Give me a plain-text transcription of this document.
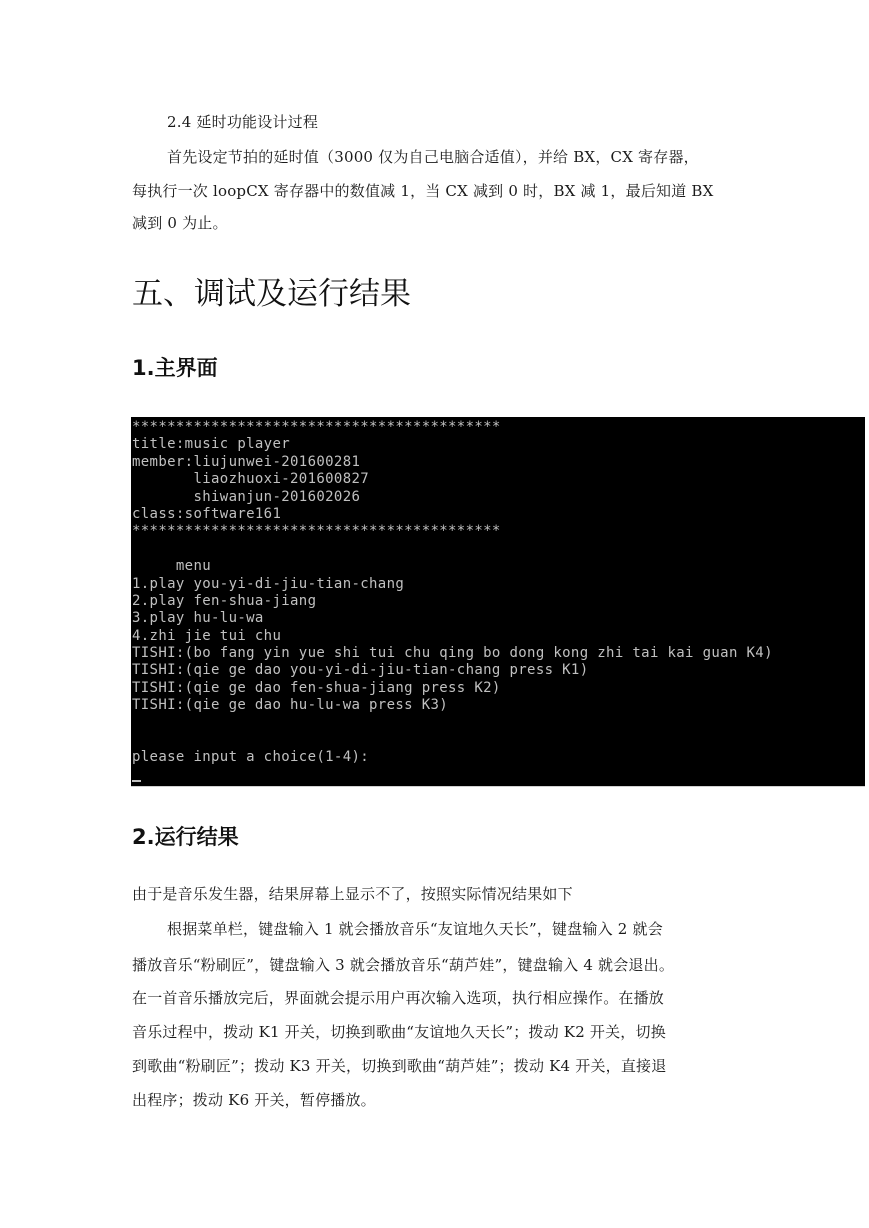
2.4 延时功能设计过程
首先设定节拍的延时值（3000 仅为自己电脑合适值），并给 BX，CX 寄存器，
每执行一次 loopCX 寄存器中的数值减 1，当 CX 减到 0 时，BX 减 1，最后知道 BX
减到 0 为止。
五、调试及运行结果
1.主界面
******************************************
title:music player
member:liujunwei-201600281
liaozhuoxi-201600827
shiwanjun-201602026
class:software161
******************************************
menu
1.play you-yi-di-jiu-tian-chang
2.play fen-shua-jiang
3.play hu-lu-wa
4.zhi jie tui chu
TISHI:(bo fang yin yue shi tui chu qing bo dong kong zhi tai kai guan K4)
TISHI:(qie ge dao you-yi-di-jiu-tian-chang press K1)
TISHI:(qie ge dao fen-shua-jiang press K2)
TISHI:(qie ge dao hu-lu-wa press K3)
please input a choice(1-4):
2.运行结果
由于是音乐发生器，结果屏幕上显示不了，按照实际情况结果如下
根据菜单栏，键盘输入 1 就会播放音乐“友谊地久天长”，键盘输入 2 就会
播放音乐“粉刷匠”，键盘输入 3 就会播放音乐“葫芦娃”，键盘输入 4 就会退出。
在一首音乐播放完后，界面就会提示用户再次输入选项，执行相应操作。在播放
音乐过程中，拨动 K1 开关，切换到歌曲“友谊地久天长”；拨动 K2 开关，切换
到歌曲“粉刷匠”；拨动 K3 开关，切换到歌曲“葫芦娃”；拨动 K4 开关，直接退
出程序；拨动 K6 开关，暂停播放。
